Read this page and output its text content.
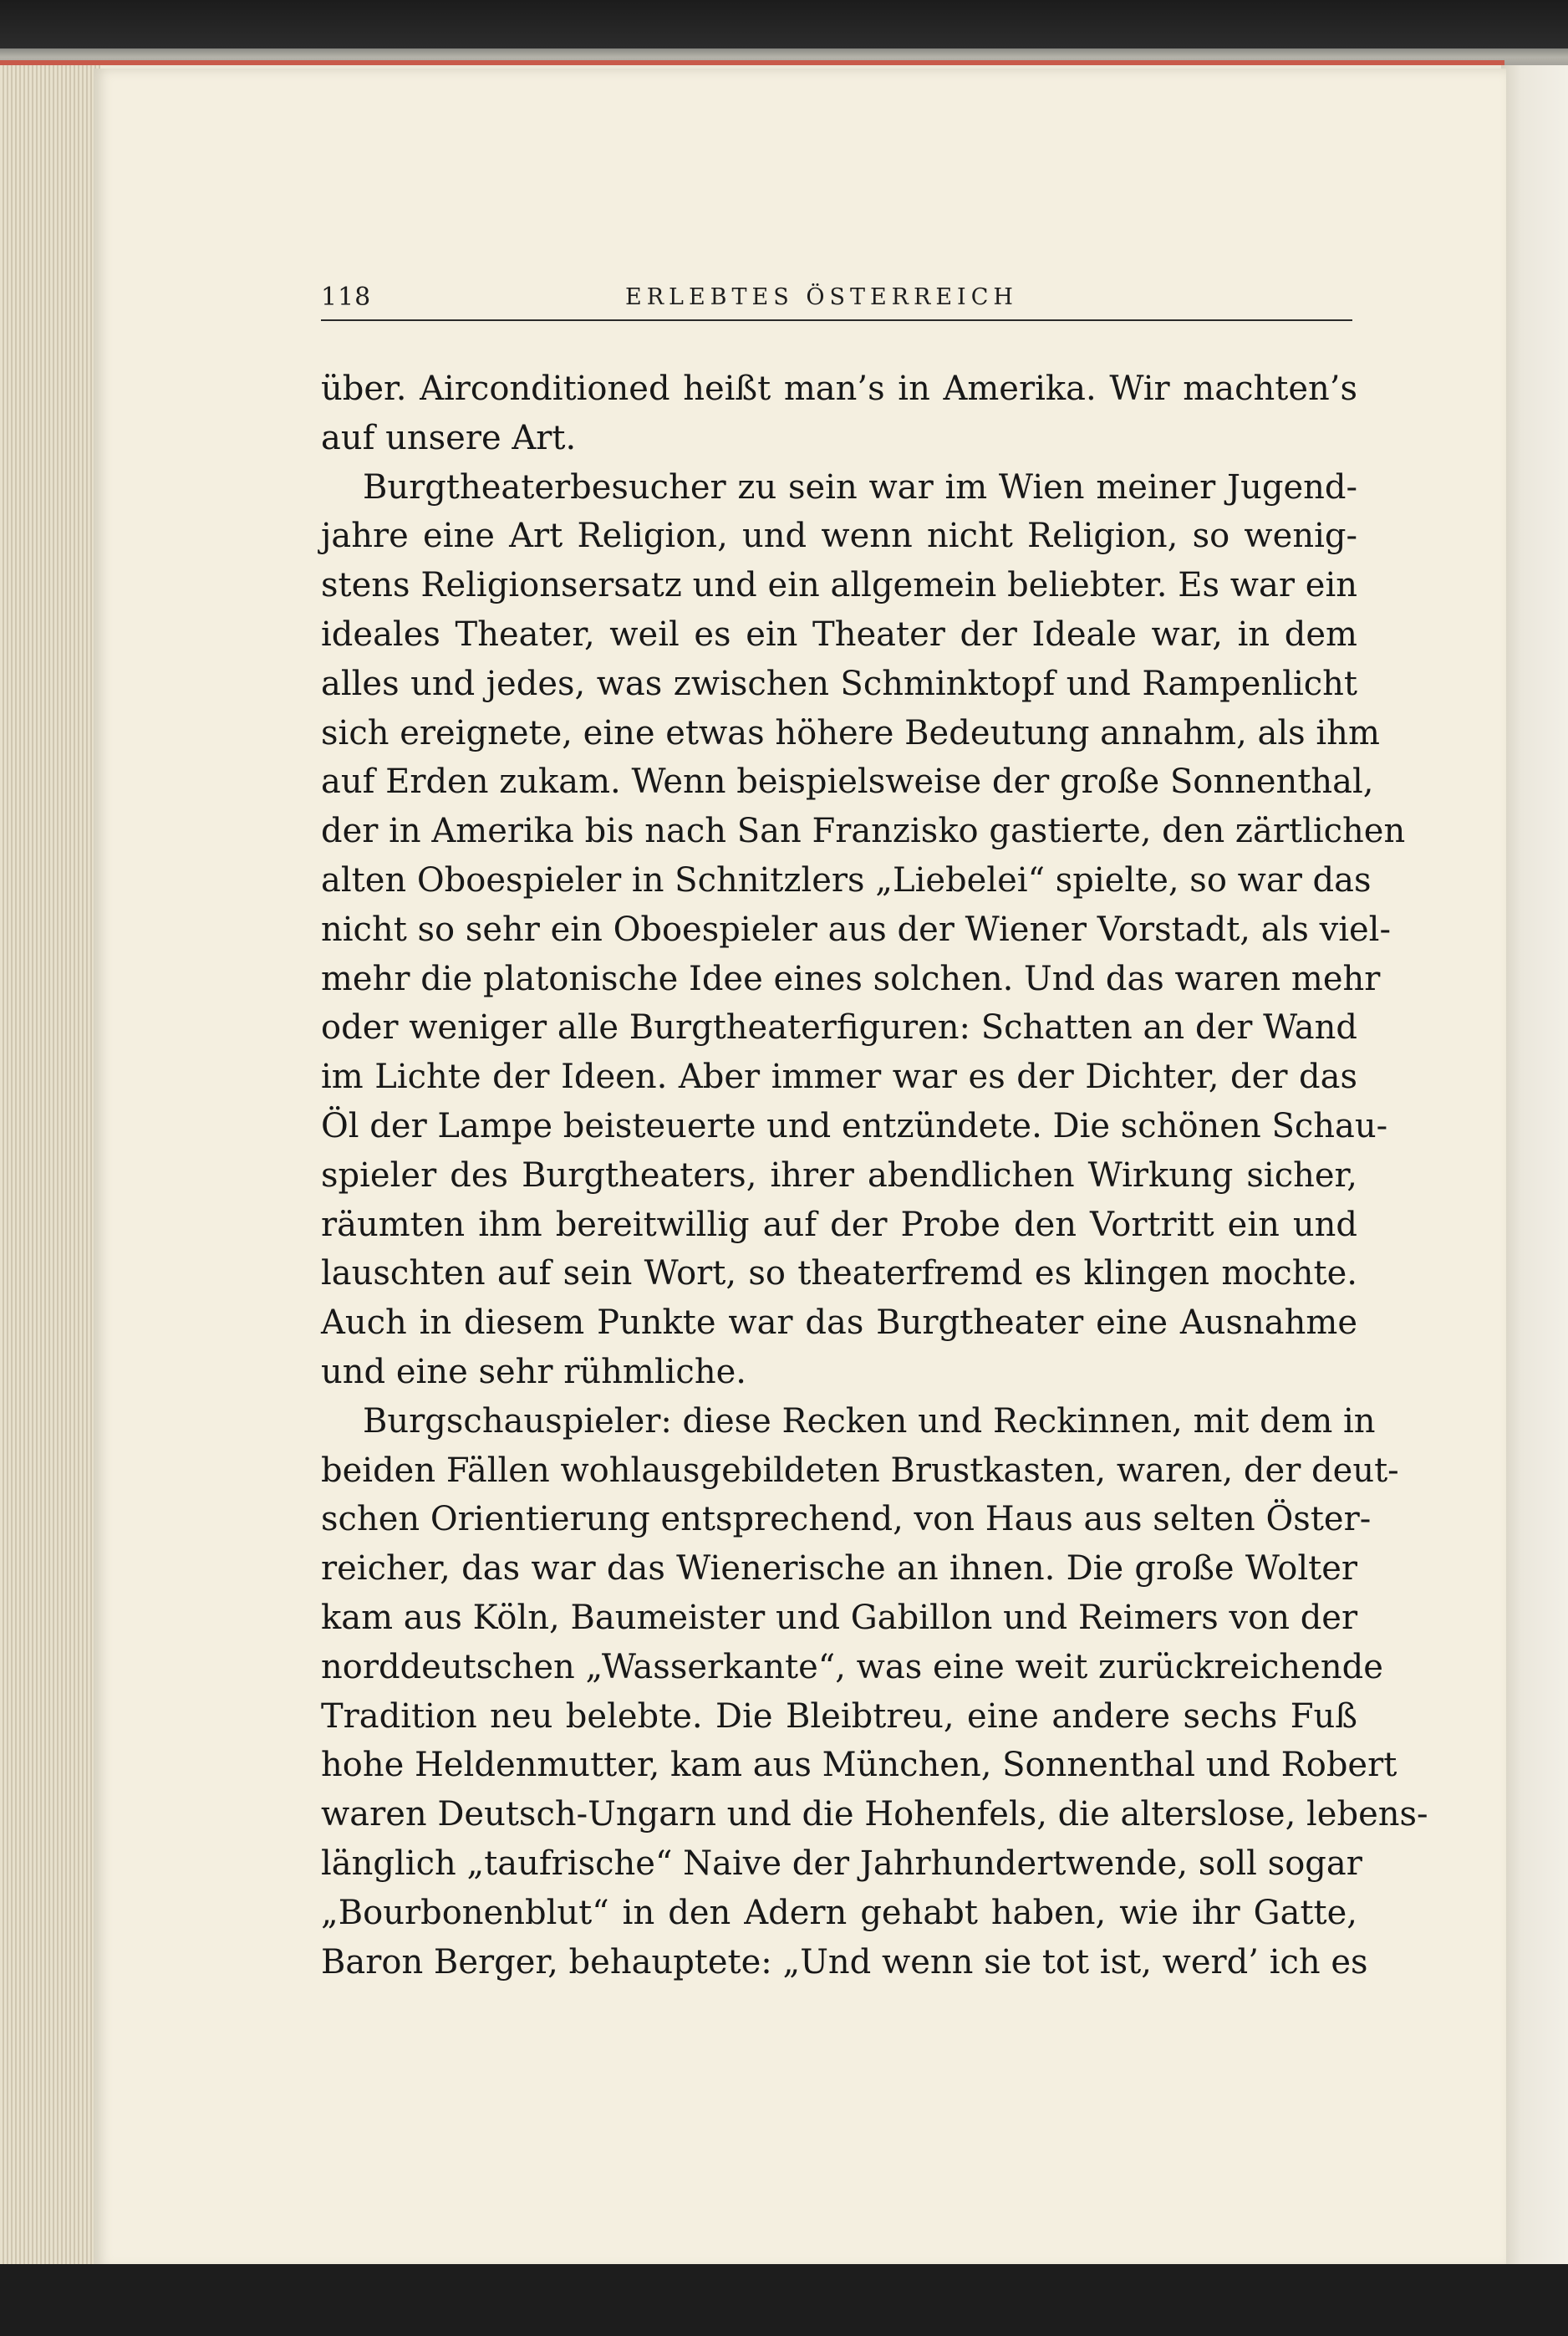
118	ERLEBTES ÖSTERREICH

über. Airconditioned heißt man’s in Amerika. Wir machten’s
auf unsere Art.

Burgtheaterbesucher zu sein war im Wien meiner Jugend-
jahre eine Art Religion, und wenn nicht Religion, so wenig-
stens Religionsersatz und ein allgemein beliebter. Es war ein
ideales Theater, weil es ein Theater der Ideale war, in dem
alles und jedes, was zwischen Schminktopf und Rampenlicht
sich ereignete, eine etwas höhere Bedeutung annahm, als ihm
auf Erden zukam. Wenn beispielsweise der große Sonnenthal,
der in Amerika bis nach San Franzisko gastierte, den zärtlichen
alten Oboespieler in Schnitzlers „Liebelei“ spielte, so war das
nicht so sehr ein Oboespieler aus der Wiener Vorstadt, als viel-
mehr die platonische Idee eines solchen. Und das waren mehr
oder weniger alle Burgtheaterfiguren: Schatten an der Wand
im Lichte der Ideen. Aber immer war es der Dichter, der das
Öl der Lampe beisteuerte und entzündete. Die schönen Schau-
spieler des Burgtheaters, ihrer abendlichen Wirkung sicher,
räumten ihm bereitwillig auf der Probe den Vortritt ein und
lauschten auf sein Wort, so theaterfremd es klingen mochte.
Auch in diesem Punkte war das Burgtheater eine Ausnahme
und eine sehr rühmliche.

Burgschauspieler: diese Recken und Reckinnen, mit dem in
beiden Fällen wohlausgebildeten Brustkasten, waren, der deut-
schen Orientierung entsprechend, von Haus aus selten Öster-
reicher, das war das Wienerische an ihnen. Die große Wolter
kam aus Köln, Baumeister und Gabillon und Reimers von der
norddeutschen „Wasserkante“, was eine weit zurückreichende
Tradition neu belebte. Die Bleibtreu, eine andere sechs Fuß
hohe Heldenmutter, kam aus München, Sonnenthal und Robert
waren Deutsch-Ungarn und die Hohenfels, die alterslose, lebens-
länglich „taufrische“ Naive der Jahrhundertwende, soll sogar
„Bourbonenblut“ in den Adern gehabt haben, wie ihr Gatte,
Baron Berger, behauptete: „Und wenn sie tot ist, werd’ ich es
